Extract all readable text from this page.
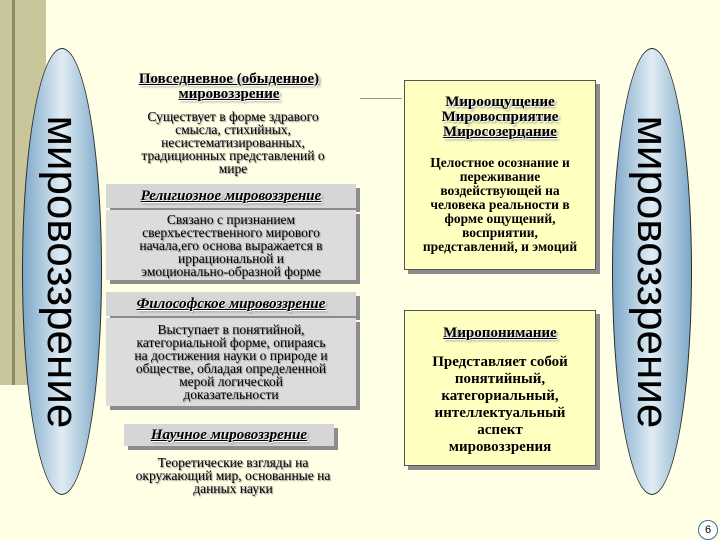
мировоззрение	мировоззрение
Повседневное (обыденное)
мировоззрение
Существует в форме здравого
смысла, стихийных,
несистематизированных,
традиционных представлений о
мире
Религиозное мировоззрение
Связано с признанием
сверхъестественного мирового
начала,его основа выражается в
иррациональной и
эмоционально-образной форме
Философское мировоззрение
Выступает в понятийной,
категориальной форме, опираясь
на достижения науки о природе и
обществе, обладая определенной
мерой логической
доказательности
Научное мировоззрение
Теоретические взгляды на
окружающий мир, основанные на
данных науки
Мироощущение
Мировосприятие
Миросозерцание
Целостное осознание и
переживание
воздействующей на
человека реальности в
форме ощущений,
восприятии,
представлений, и эмоций
Миропонимание
Представляет собой
понятийный,
категориальный,
интеллектуальный
аспект
мировоззрения
6
